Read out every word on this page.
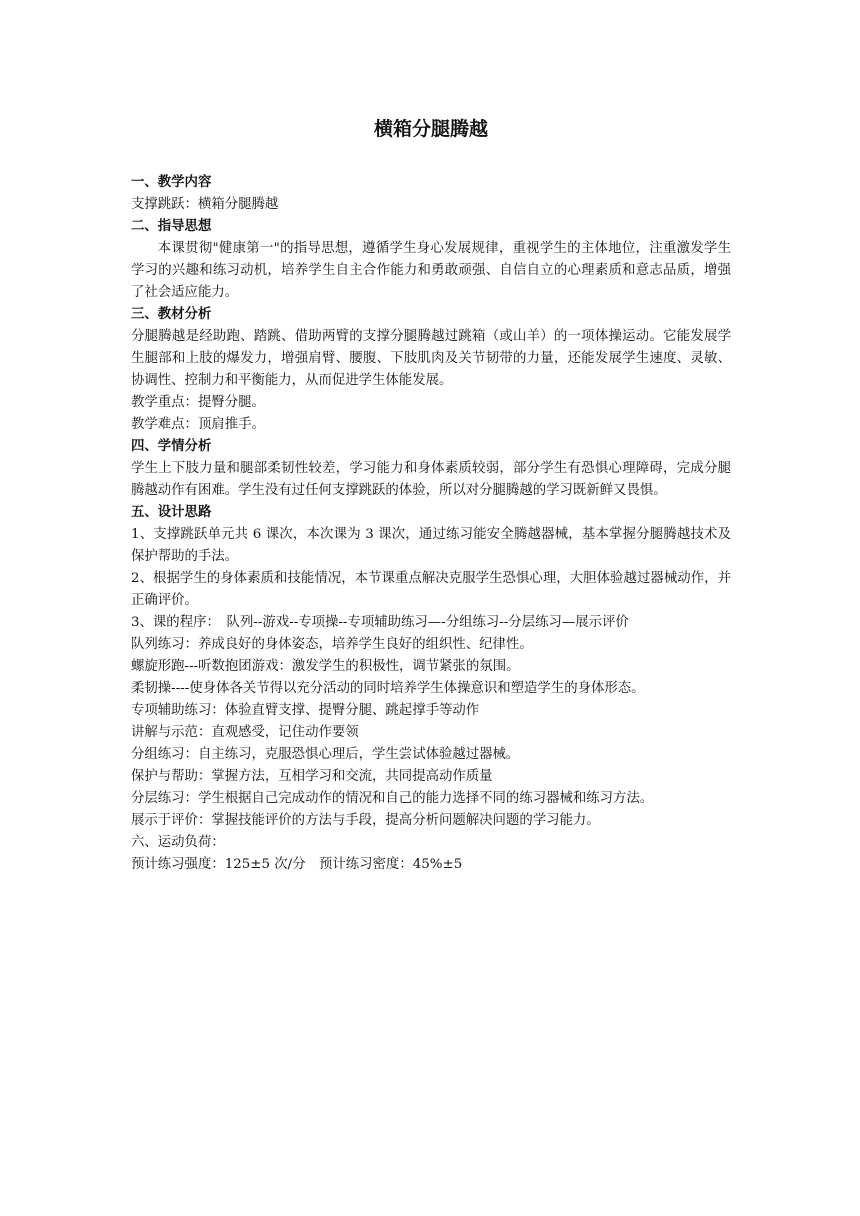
横箱分腿腾越

一、教学内容

支撑跳跃：横箱分腿腾越

二、指导思想

本课贯彻"健康第一"的指导思想，遵循学生身心发展规律，重视学生的主体地位，注重激发学生学习的兴趣和练习动机，培养学生自主合作能力和勇敢顽强、自信自立的心理素质和意志品质，增强了社会适应能力。

三、教材分析

分腿腾越是经助跑、踏跳、借助两臂的支撑分腿腾越过跳箱（或山羊）的一项体操运动。它能发展学生腿部和上肢的爆发力，增强肩臂、腰腹、下肢肌肉及关节韧带的力量，还能发展学生速度、灵敏、协调性、控制力和平衡能力，从而促进学生体能发展。

教学重点：提臀分腿。

教学难点：顶肩推手。

四、学情分析

学生上下肢力量和腿部柔韧性较差，学习能力和身体素质较弱，部分学生有恐惧心理障碍，完成分腿腾越动作有困难。学生没有过任何支撑跳跃的体验，所以对分腿腾越的学习既新鲜又畏惧。

五、设计思路

1、支撑跳跃单元共 6 课次，本次课为 3 课次，通过练习能安全腾越器械，基本掌握分腿腾越技术及保护帮助的手法。

2、根据学生的身体素质和技能情况，本节课重点解决克服学生恐惧心理，大胆体验越过器械动作，并正确评价。

3、课的程序：　队列--游戏--专项操--专项辅助练习—-分组练习--分层练习—展示评价

队列练习：养成良好的身体姿态，培养学生良好的组织性、纪律性。

螺旋形跑---听数抱团游戏：激发学生的积极性，调节紧张的氛围。

柔韧操----使身体各关节得以充分活动的同时培养学生体操意识和塑造学生的身体形态。

专项辅助练习：体验直臂支撑、提臀分腿、跳起撑手等动作

讲解与示范：直观感受，记住动作要领

分组练习：自主练习，克服恐惧心理后，学生尝试体验越过器械。

保护与帮助：掌握方法，互相学习和交流，共同提高动作质量

分层练习：学生根据自己完成动作的情况和自己的能力选择不同的练习器械和练习方法。

展示于评价：掌握技能评价的方法与手段，提高分析问题解决问题的学习能力。

六、运动负荷：

预计练习强度：125±5 次/分　预计练习密度：45%±5
